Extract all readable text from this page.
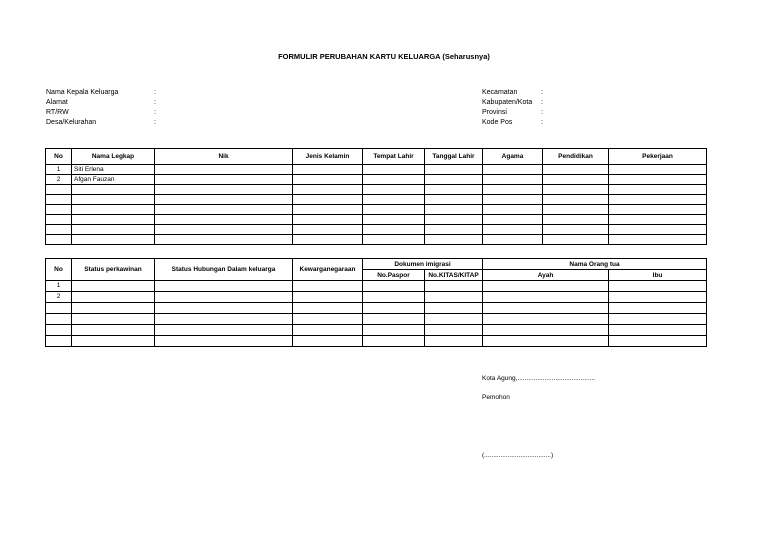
FORMULIR PERUBAHAN KARTU KELUARGA (Seharusnya)
Nama Kepala Keluarga	:
Alamat	:
RT/RW	:
Desa/Kelurahan	:
Kecamatan	:
Kabupaten/Kota	:
Provinsi	:
Kode Pos	:
No	Nama Legkap	Nik	Jenis Kelamin	Tempat Lahir	Tanggal Lahir	Agama	Pendidikan	Pekerjaan
1	Siti Erlena							
2	Afgan Fauzan							

No	Status perkawinan	Status Hubungan Dalam keluarga	Kewarganegaraan	Dokumen imigrasi		Nama Orang tua	
				No.Paspor	No.KITAS/KITAP	Ayah	Ibu
1							
2							

Kota Agung,...........................................
Pemohon
(.....................................)
